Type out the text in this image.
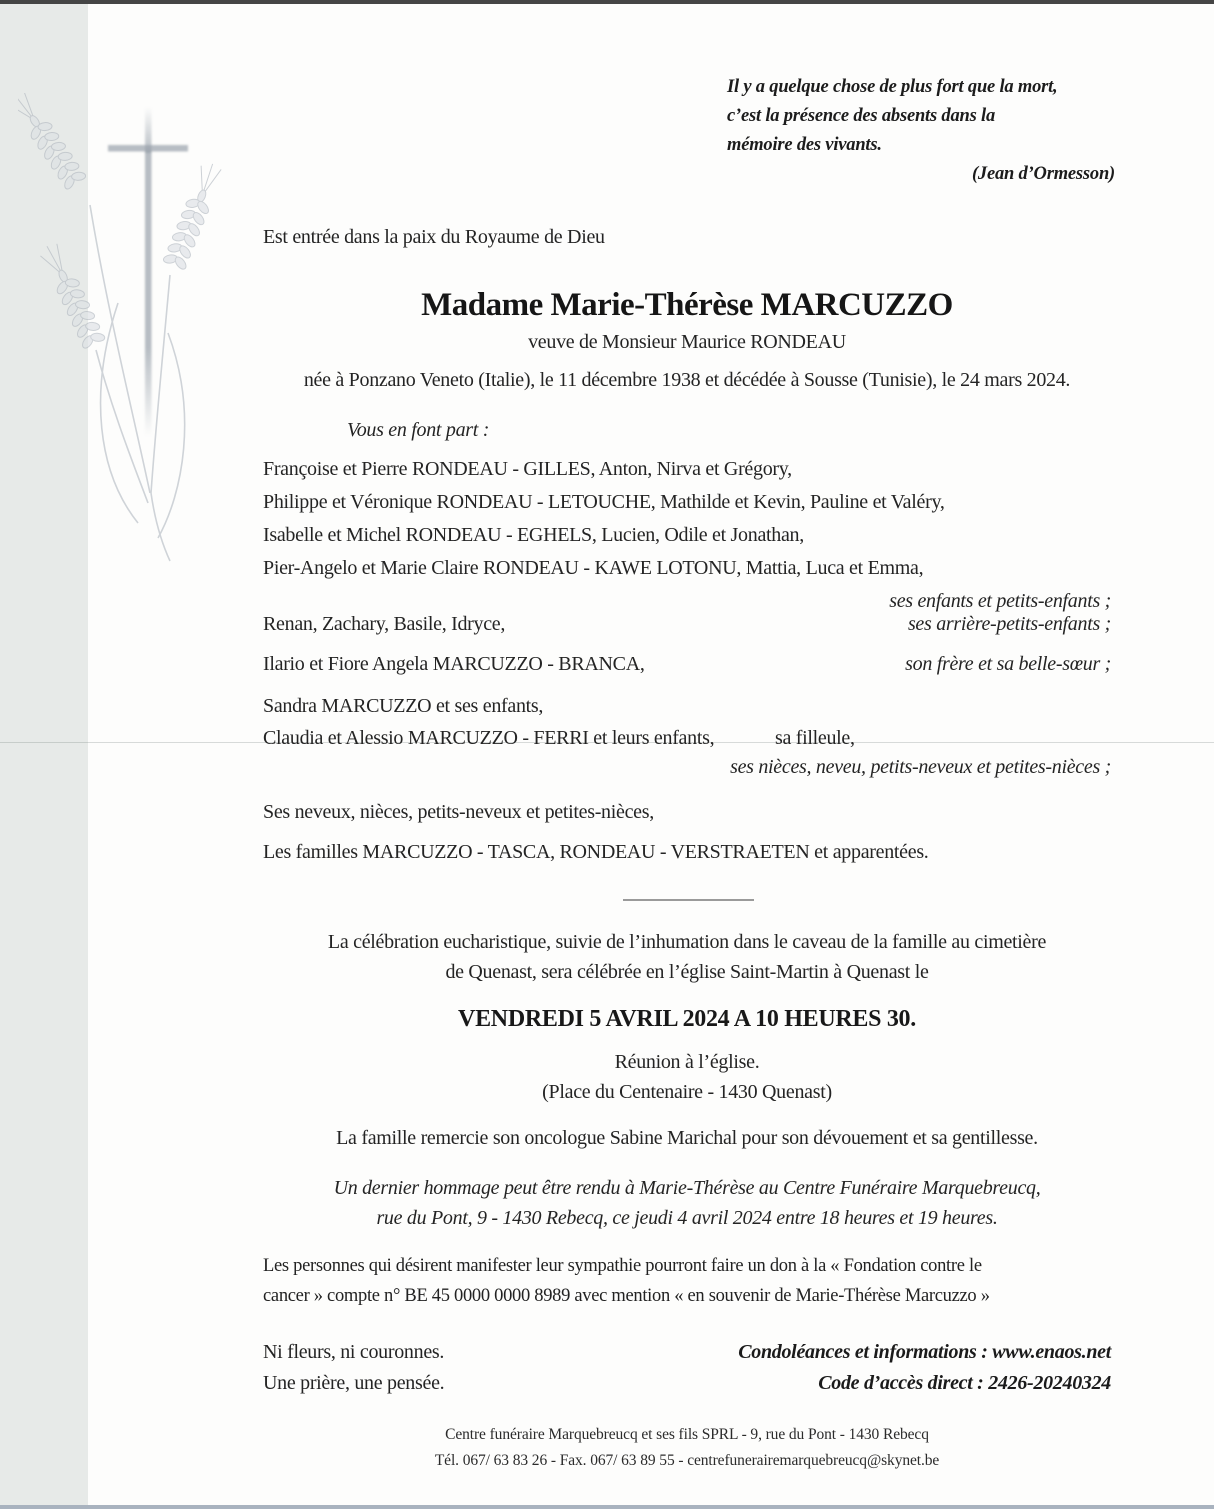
Il y a quelque chose de plus fort que la mort,
c’est la présence des absents dans la
mémoire des vivants.
(Jean d’Ormesson)
Est entrée dans la paix du Royaume de Dieu
Madame Marie-Thérèse MARCUZZO
veuve de Monsieur Maurice RONDEAU
née à Ponzano Veneto (Italie), le 11 décembre 1938 et décédée à Sousse (Tunisie), le 24 mars 2024.
Vous en font part :
Françoise et Pierre RONDEAU - GILLES, Anton, Nirva et Grégory,
Philippe et Véronique RONDEAU - LETOUCHE, Mathilde et Kevin, Pauline et Valéry,
Isabelle et Michel RONDEAU - EGHELS, Lucien, Odile et Jonathan,
Pier-Angelo et Marie Claire RONDEAU - KAWE LOTONU, Mattia, Luca et Emma,
ses enfants et petits-enfants ;
Renan, Zachary, Basile, Idryce,	ses arrière-petits-enfants ;
Ilario et Fiore Angela MARCUZZO - BRANCA,	son frère et sa belle-sœur ;
Sandra MARCUZZO et ses enfants,
Claudia et Alessio MARCUZZO - FERRI et leurs enfants,	sa filleule,
ses nièces, neveu, petits-neveux et petites-nièces ;
Ses neveux, nièces, petits-neveux et petites-nièces,
Les familles MARCUZZO - TASCA, RONDEAU - VERSTRAETEN et apparentées.
La célébration eucharistique, suivie de l’inhumation dans le caveau de la famille au cimetière
de Quenast, sera célébrée en l’église Saint-Martin à Quenast le
VENDREDI 5 AVRIL 2024 A 10 HEURES 30.
Réunion à l’église.
(Place du Centenaire - 1430 Quenast)
La famille remercie son oncologue Sabine Marichal pour son dévouement et sa gentillesse.
Un dernier hommage peut être rendu à Marie-Thérèse au Centre Funéraire Marquebreucq,
rue du Pont, 9 - 1430 Rebecq, ce jeudi 4 avril 2024 entre 18 heures et 19 heures.
Les personnes qui désirent manifester leur sympathie pourront faire un don à la « Fondation contre le
cancer » compte n° BE 45 0000 0000 8989 avec mention « en souvenir de Marie-Thérèse Marcuzzo »
Ni fleurs, ni couronnes.	Condoléances et informations : www.enaos.net
Une prière, une pensée.	Code d’accès direct : 2426-20240324
Centre funéraire Marquebreucq et ses fils SPRL - 9, rue du Pont - 1430 Rebecq
Tél. 067/ 63 83 26 - Fax. 067/ 63 89 55 - centrefunerairemarquebreucq@skynet.be
